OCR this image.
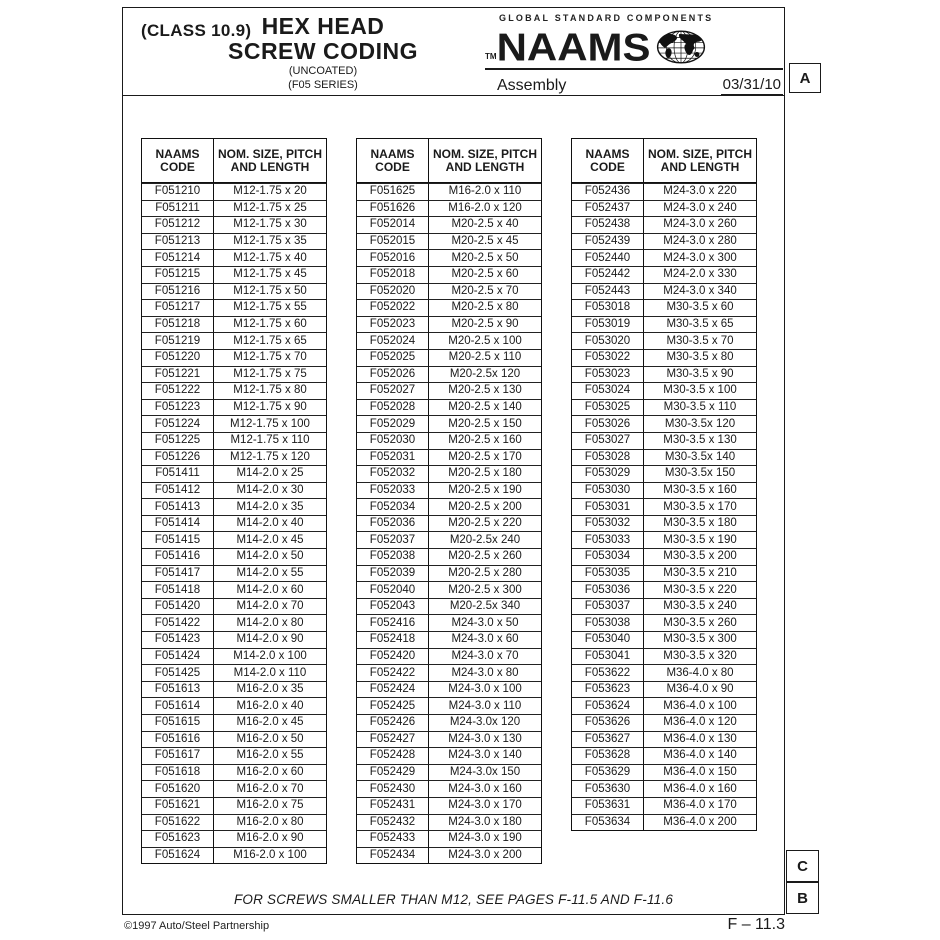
HEX HEAD
SCREW CODING
(UNCOATED)
(F05 SERIES)
GLOBAL STANDARD COMPONENTS
TM NAAMS
Assembly	03/31/10
(CLASS 10.9)
NAAMS CODE
NOM. SIZE, PITCH AND LENGTH
F051210	M12-1.75 x 20
F051211	M12-1.75 x 25
F051212	M12-1.75 x 30
F051213	M12-1.75 x 35
F051214	M12-1.75 x 40
F051215	M12-1.75 x 45
F051216	M12-1.75 x 50
F051217	M12-1.75 x 55
F051218	M12-1.75 x 60
F051219	M12-1.75 x 65
F051220	M12-1.75 x 70
F051221	M12-1.75 x 75
F051222	M12-1.75 x 80
F051223	M12-1.75 x 90
F051224	M12-1.75 x 100
F051225	M12-1.75 x 110
F051226	M12-1.75 x 120
F051411	M14-2.0 x 25
F051412	M14-2.0 x 30
F051413	M14-2.0 x 35
F051414	M14-2.0 x 40
F051415	M14-2.0 x 45
F051416	M14-2.0 x 50
F051417	M14-2.0 x 55
F051418	M14-2.0 x 60
F051420	M14-2.0 x 70
F051422	M14-2.0 x 80
F051423	M14-2.0 x 90
F051424	M14-2.0 x 100
F051425	M14-2.0 x 110
F051613	M16-2.0 x 35
F051614	M16-2.0 x 40
F051615	M16-2.0 x 45
F051616	M16-2.0 x 50
F051617	M16-2.0 x 55
F051618	M16-2.0 x 60
F051620	M16-2.0 x 70
F051621	M16-2.0 x 75
F051622	M16-2.0 x 80
F051623	M16-2.0 x 90
F051624	M16-2.0 x 100
NAAMS CODE
NOM. SIZE, PITCH AND LENGTH
F051625	M16-2.0 x 110
F051626	M16-2.0 x 120
F052014	M20-2.5 x 40
F052015	M20-2.5 x 45
F052016	M20-2.5 x 50
F052018	M20-2.5 x 60
F052020	M20-2.5 x 70
F052022	M20-2.5 x 80
F052023	M20-2.5 x 90
F052024	M20-2.5 x 100
F052025	M20-2.5 x 110
F052026	M20-2.5x 120
F052027	M20-2.5 x 130
F052028	M20-2.5 x 140
F052029	M20-2.5 x 150
F052030	M20-2.5 x 160
F052031	M20-2.5 x 170
F052032	M20-2.5 x 180
F052033	M20-2.5 x 190
F052034	M20-2.5 x 200
F052036	M20-2.5 x 220
F052037	M20-2.5x 240
F052038	M20-2.5 x 260
F052039	M20-2.5 x 280
F052040	M20-2.5 x 300
F052043	M20-2.5x 340
F052416	M24-3.0 x 50
F052418	M24-3.0 x 60
F052420	M24-3.0 x 70
F052422	M24-3.0 x 80
F052424	M24-3.0 x 100
F052425	M24-3.0 x 110
F052426	M24-3.0x 120
F052427	M24-3.0 x 130
F052428	M24-3.0 x 140
F052429	M24-3.0x 150
F052430	M24-3.0 x 160
F052431	M24-3.0 x 170
F052432	M24-3.0 x 180
F052433	M24-3.0 x 190
F052434	M24-3.0 x 200
NAAMS CODE
NOM. SIZE, PITCH AND LENGTH
F052436	M24-3.0 x 220
F052437	M24-3.0 x 240
F052438	M24-3.0 x 260
F052439	M24-3.0 x 280
F052440	M24-3.0 x 300
F052442	M24-2.0 x 330
F052443	M24-3.0 x 340
F053018	M30-3.5 x 60
F053019	M30-3.5 x 65
F053020	M30-3.5 x 70
F053022	M30-3.5 x 80
F053023	M30-3.5 x 90
F053024	M30-3.5 x 100
F053025	M30-3.5 x 110
F053026	M30-3.5x 120
F053027	M30-3.5 x 130
F053028	M30-3.5x 140
F053029	M30-3.5x 150
F053030	M30-3.5 x 160
F053031	M30-3.5 x 170
F053032	M30-3.5 x 180
F053033	M30-3.5 x 190
F053034	M30-3.5 x 200
F053035	M30-3.5 x 210
F053036	M30-3.5 x 220
F053037	M30-3.5 x 240
F053038	M30-3.5 x 260
F053040	M30-3.5 x 300
F053041	M30-3.5 x 320
F053622	M36-4.0 x 80
F053623	M36-4.0 x 90
F053624	M36-4.0 x 100
F053626	M36-4.0 x 120
F053627	M36-4.0 x 130
F053628	M36-4.0 x 140
F053629	M36-4.0 x 150
F053630	M36-4.0 x 160
F053631	M36-4.0 x 170
F053634	M36-4.0 x 200
FOR SCREWS SMALLER THAN M12, SEE PAGES F-11.5 AND F-11.6
A
C
B
©1997 Auto/Steel Partnership	F – 11.3
